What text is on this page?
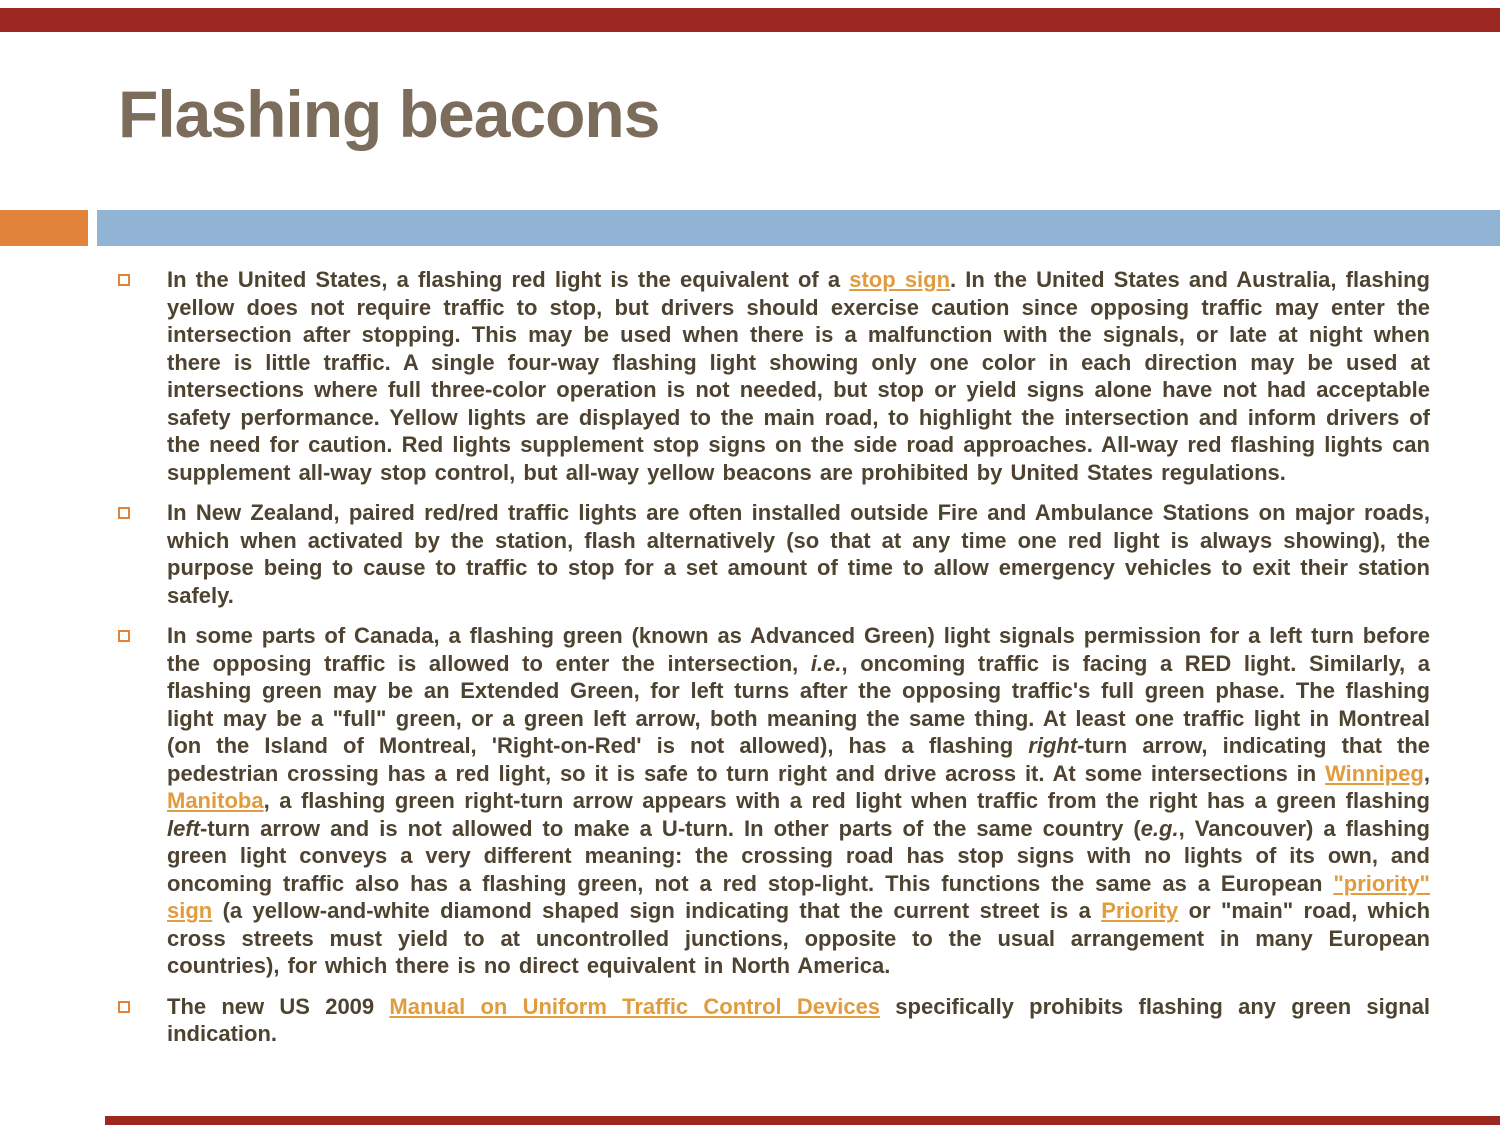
Flashing beacons

In the United States, a flashing red light is the equivalent of a stop sign. In the United States and Australia, flashing yellow does not require traffic to stop, but drivers should exercise caution since opposing traffic may enter the intersection after stopping. This may be used when there is a malfunction with the signals, or late at night when there is little traffic. A single four-way flashing light showing only one color in each direction may be used at intersections where full three-color operation is not needed, but stop or yield signs alone have not had acceptable safety performance. Yellow lights are displayed to the main road, to highlight the intersection and inform drivers of the need for caution. Red lights supplement stop signs on the side road approaches. All-way red flashing lights can supplement all-way stop control, but all-way yellow beacons are prohibited by United States regulations.

In New Zealand, paired red/red traffic lights are often installed outside Fire and Ambulance Stations on major roads, which when activated by the station, flash alternatively (so that at any time one red light is always showing), the purpose being to cause to traffic to stop for a set amount of time to allow emergency vehicles to exit their station safely.

In some parts of Canada, a flashing green (known as Advanced Green) light signals permission for a left turn before the opposing traffic is allowed to enter the intersection, i.e., oncoming traffic is facing a RED light. Similarly, a flashing green may be an Extended Green, for left turns after the opposing traffic's full green phase. The flashing light may be a "full" green, or a green left arrow, both meaning the same thing. At least one traffic light in Montreal (on the Island of Montreal, 'Right-on-Red' is not allowed), has a flashing right-turn arrow, indicating that the pedestrian crossing has a red light, so it is safe to turn right and drive across it. At some intersections in Winnipeg, Manitoba, a flashing green right-turn arrow appears with a red light when traffic from the right has a green flashing left-turn arrow and is not allowed to make a U-turn. In other parts of the same country (e.g., Vancouver) a flashing green light conveys a very different meaning: the crossing road has stop signs with no lights of its own, and oncoming traffic also has a flashing green, not a red stop-light. This functions the same as a European "priority" sign (a yellow-and-white diamond shaped sign indicating that the current street is a Priority or "main" road, which cross streets must yield to at uncontrolled junctions, opposite to the usual arrangement in many European countries), for which there is no direct equivalent in North America.

The new US 2009 Manual on Uniform Traffic Control Devices specifically prohibits flashing any green signal indication.
